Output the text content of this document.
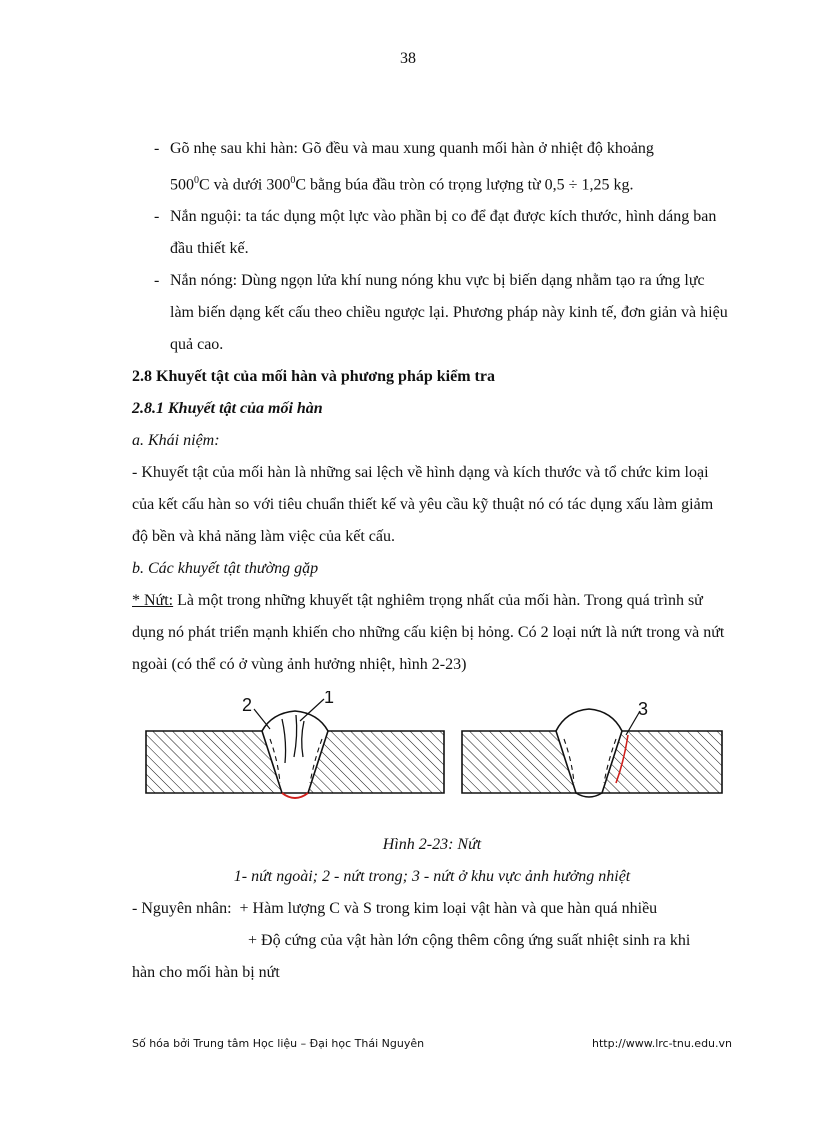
38
- Gõ nhẹ sau khi hàn: Gõ đều và mau xung quanh mối hàn ở nhiệt độ khoảng
$500^0C$ và dưới $300^0C$ bằng búa đầu tròn có trọng lượng từ 0,5 ÷ 1,25 kg.
- Nắn nguội: ta tác dụng một lực vào phần bị co để đạt được kích thước, hình dáng ban đầu thiết kế.
- Nắn nóng: Dùng ngọn lửa khí nung nóng khu vực bị biến dạng nhằm tạo ra ứng lực làm biến dạng kết cấu theo chiều ngược lại. Phương pháp này kinh tế, đơn giản và hiệu quả cao.
2.8 Khuyết tật của mối hàn và phương pháp kiểm tra
2.8.1 Khuyết tật của mối hàn
a. Khái niệm:
- Khuyết tật của mối hàn là những sai lệch về hình dạng và kích thước và tổ chức kim loại của kết cấu hàn so với tiêu chuẩn thiết kế và yêu cầu kỹ thuật nó có tác dụng xấu làm giảm độ bền và khả năng làm việc của kết cấu.
b. Các khuyết tật thường gặp
* Nứt: Là một trong những khuyết tật nghiêm trọng nhất của mối hàn. Trong quá trình sử dụng nó phát triển mạnh khiến cho những cấu kiện bị hỏng. Có 2 loại nứt là nứt trong và nứt ngoài (có thể có ở vùng ảnh hưởng nhiệt, hình 2-23)
2	1
3
Hình 2-23: Nứt
1- nứt ngoài; 2 - nứt trong; 3 - nứt ở khu vực ảnh hưởng nhiệt
- Nguyên nhân: + Hàm lượng C và S trong kim loại vật hàn và que hàn quá nhiều
+ Độ cứng của vật hàn lớn cộng thêm công ứng suất nhiệt sinh ra khi
hàn cho mối hàn bị nứt
Số hóa bởi Trung tâm Học liệu – Đại học Thái Nguyên	http://www.lrc-tnu.edu.vn
